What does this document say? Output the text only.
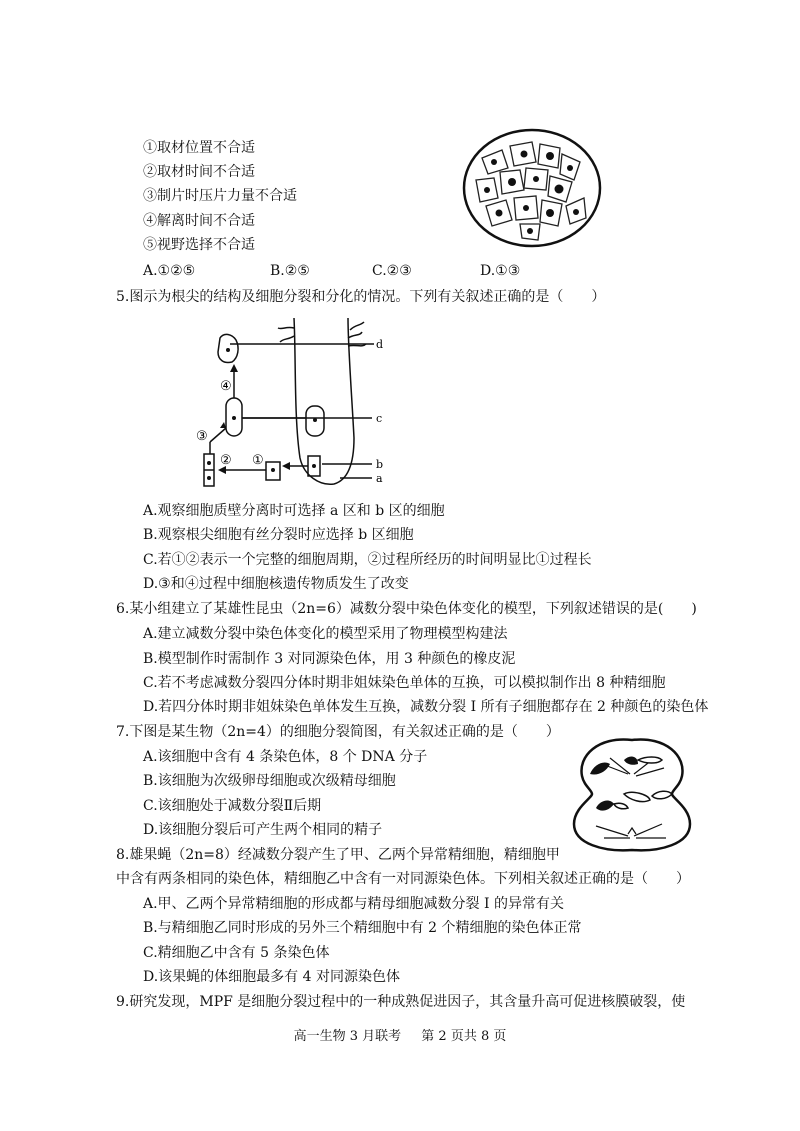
①取材位置不合适
②取材时间不合适
③制片时压片力量不合适
④解离时间不合适
⑤视野选择不合适
A.①②⑤	B.②⑤	C.②③	D.①③
5.图示为根尖的结构及细胞分裂和分化的情况。下列有关叙述正确的是（　　）
d
c
b
a
④
③
② ①
A.观察细胞质壁分离时可选择 a 区和 b 区的细胞
B.观察根尖细胞有丝分裂时应选择 b 区细胞
C.若①②表示一个完整的细胞周期，②过程所经历的时间明显比①过程长
D.③和④过程中细胞核遗传物质发生了改变
6.某小组建立了某雄性昆虫（2n=6）减数分裂中染色体变化的模型，下列叙述错误的是(　　)
A.建立减数分裂中染色体变化的模型采用了物理模型构建法
B.模型制作时需制作 3 对同源染色体，用 3 种颜色的橡皮泥
C.若不考虑减数分裂四分体时期非姐妹染色单体的互换，可以模拟制作出 8 种精细胞
D.若四分体时期非姐妹染色单体发生互换，减数分裂 I 所有子细胞都存在 2 种颜色的染色体
7.下图是某生物（2n=4）的细胞分裂简图，有关叙述正确的是（　　）
A.该细胞中含有 4 条染色体，8 个 DNA 分子
B.该细胞为次级卵母细胞或次级精母细胞
C.该细胞处于减数分裂Ⅱ后期
D.该细胞分裂后可产生两个相同的精子
8.雄果蝇（2n=8）经减数分裂产生了甲、乙两个异常精细胞，精细胞甲
中含有两条相同的染色体，精细胞乙中含有一对同源染色体。下列相关叙述正确的是（　　）
A.甲、乙两个异常精细胞的形成都与精母细胞减数分裂 I 的异常有关
B.与精细胞乙同时形成的另外三个精细胞中有 2 个精细胞的染色体正常
C.精细胞乙中含有 5 条染色体
D.该果蝇的体细胞最多有 4 对同源染色体
9.研究发现，MPF 是细胞分裂过程中的一种成熟促进因子，其含量升高可促进核膜破裂，使
高一生物 3 月联考 第 2 页共 8 页
